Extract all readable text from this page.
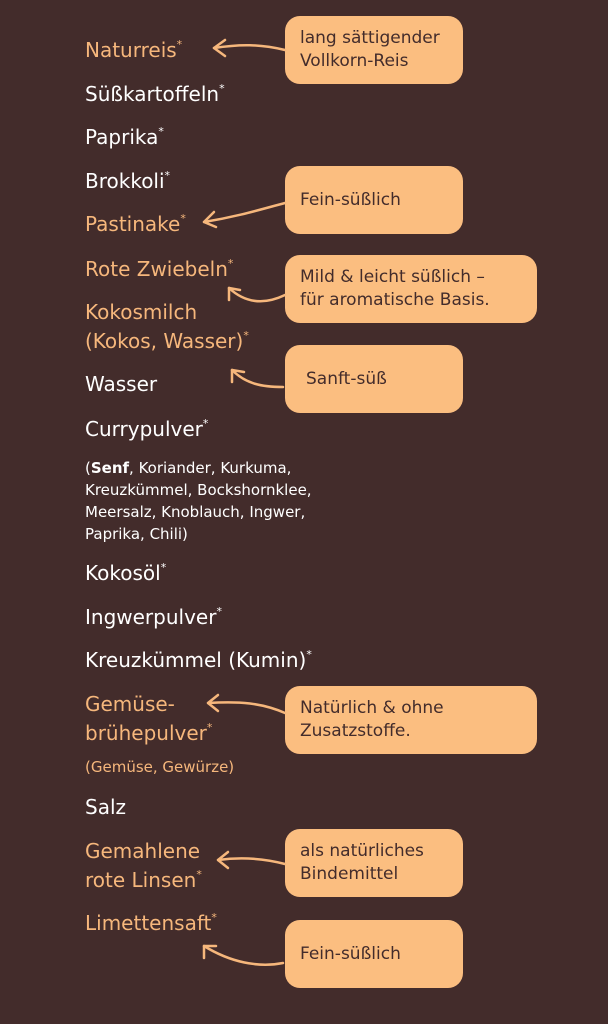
Naturreis*
Süßkartoffeln*
Paprika*
Brokkoli*
Pastinake*
Rote Zwiebeln*
Kokosmilch
(Kokos, Wasser)*
Wasser
Currypulver*
(Senf, Koriander, Kurkuma,
Kreuzkümmel, Bockshornklee,
Meersalz, Knoblauch, Ingwer,
Paprika, Chili)
Kokosöl*
Ingwerpulver*
Kreuzkümmel (Kumin)*
Gemüse-
brühepulver*
(Gemüse, Gewürze)
Salz
Gemahlene
rote Linsen*
Limettensaft*
lang sättigender
Vollkorn-Reis
Fein-süßlich
Mild & leicht süßlich –
für aromatische Basis.
Sanft-süß
Natürlich & ohne
Zusatzstoffe.
als natürliches
Bindemittel
Fein-süßlich
